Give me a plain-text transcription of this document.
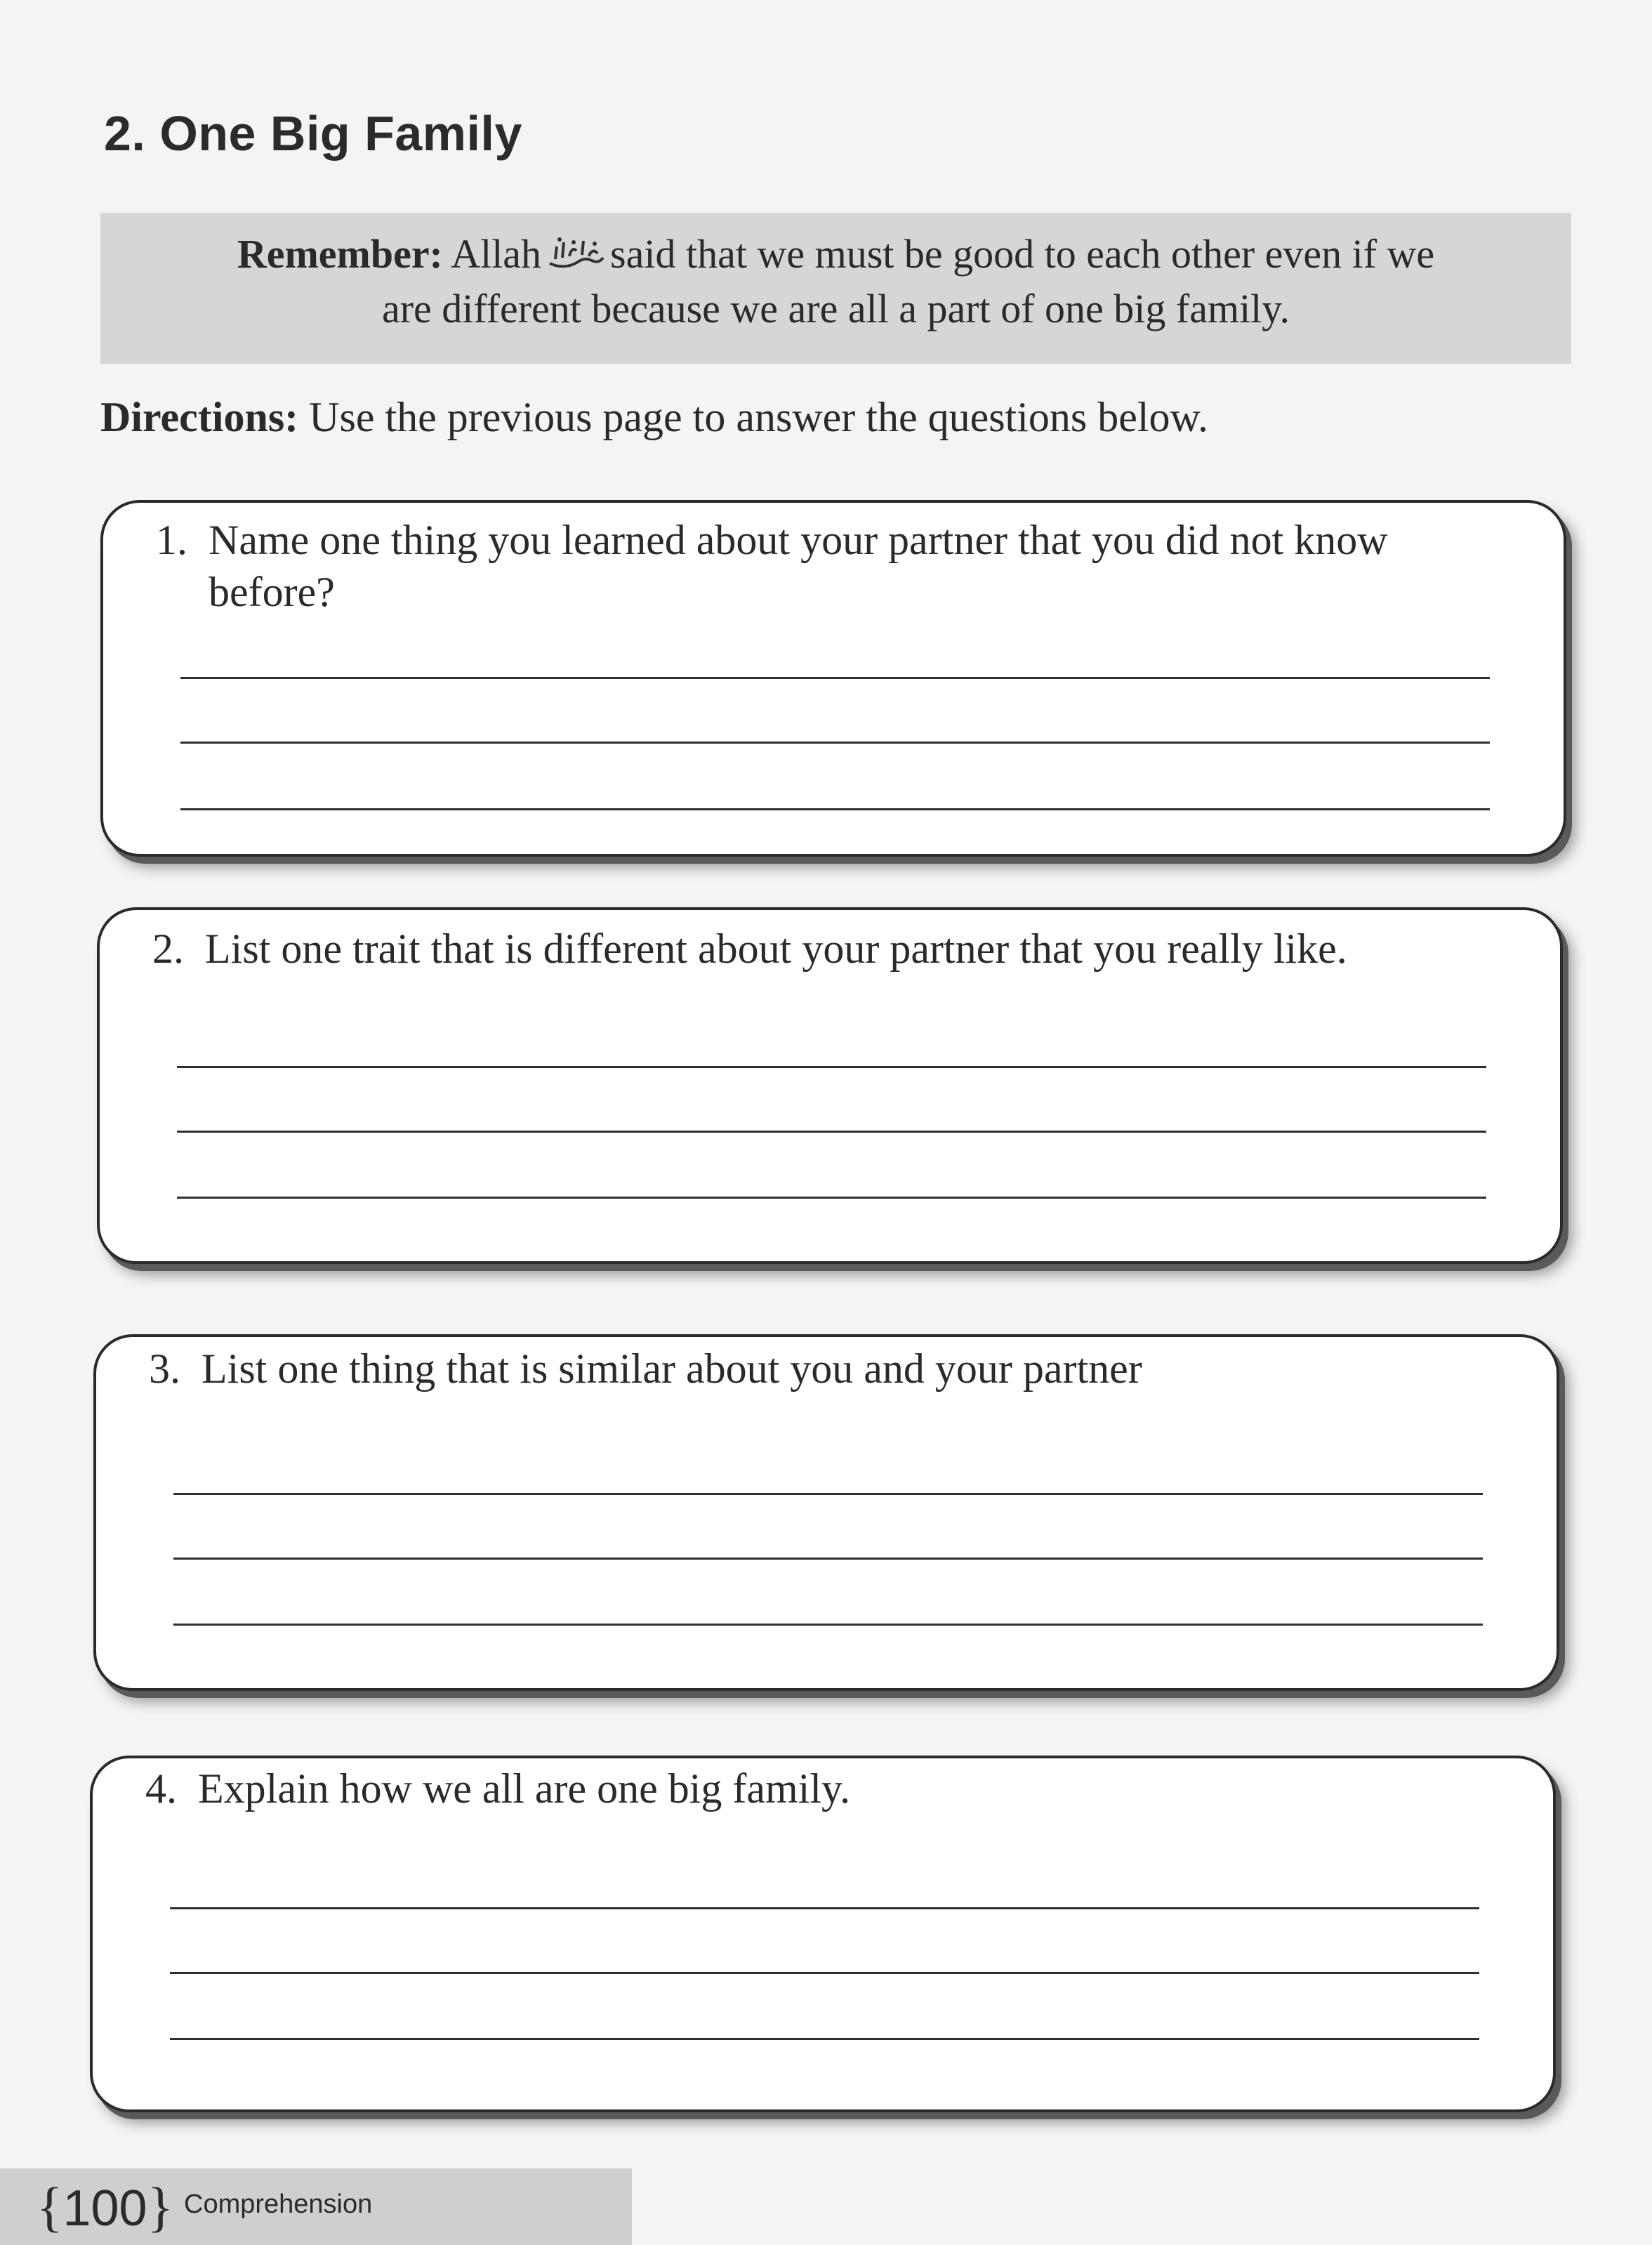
2. One Big Family
Remember: Allah said that we must be good to each other even if we
are different because we are all a part of one big family.
Directions: Use the previous page to answer the questions below.
1. Name one thing you learned about your partner that you did not know before?
2. List one trait that is different about your partner that you really like.
3. List one thing that is similar about you and your partner
4. Explain how we all are one big family.
{100} Comprehension
